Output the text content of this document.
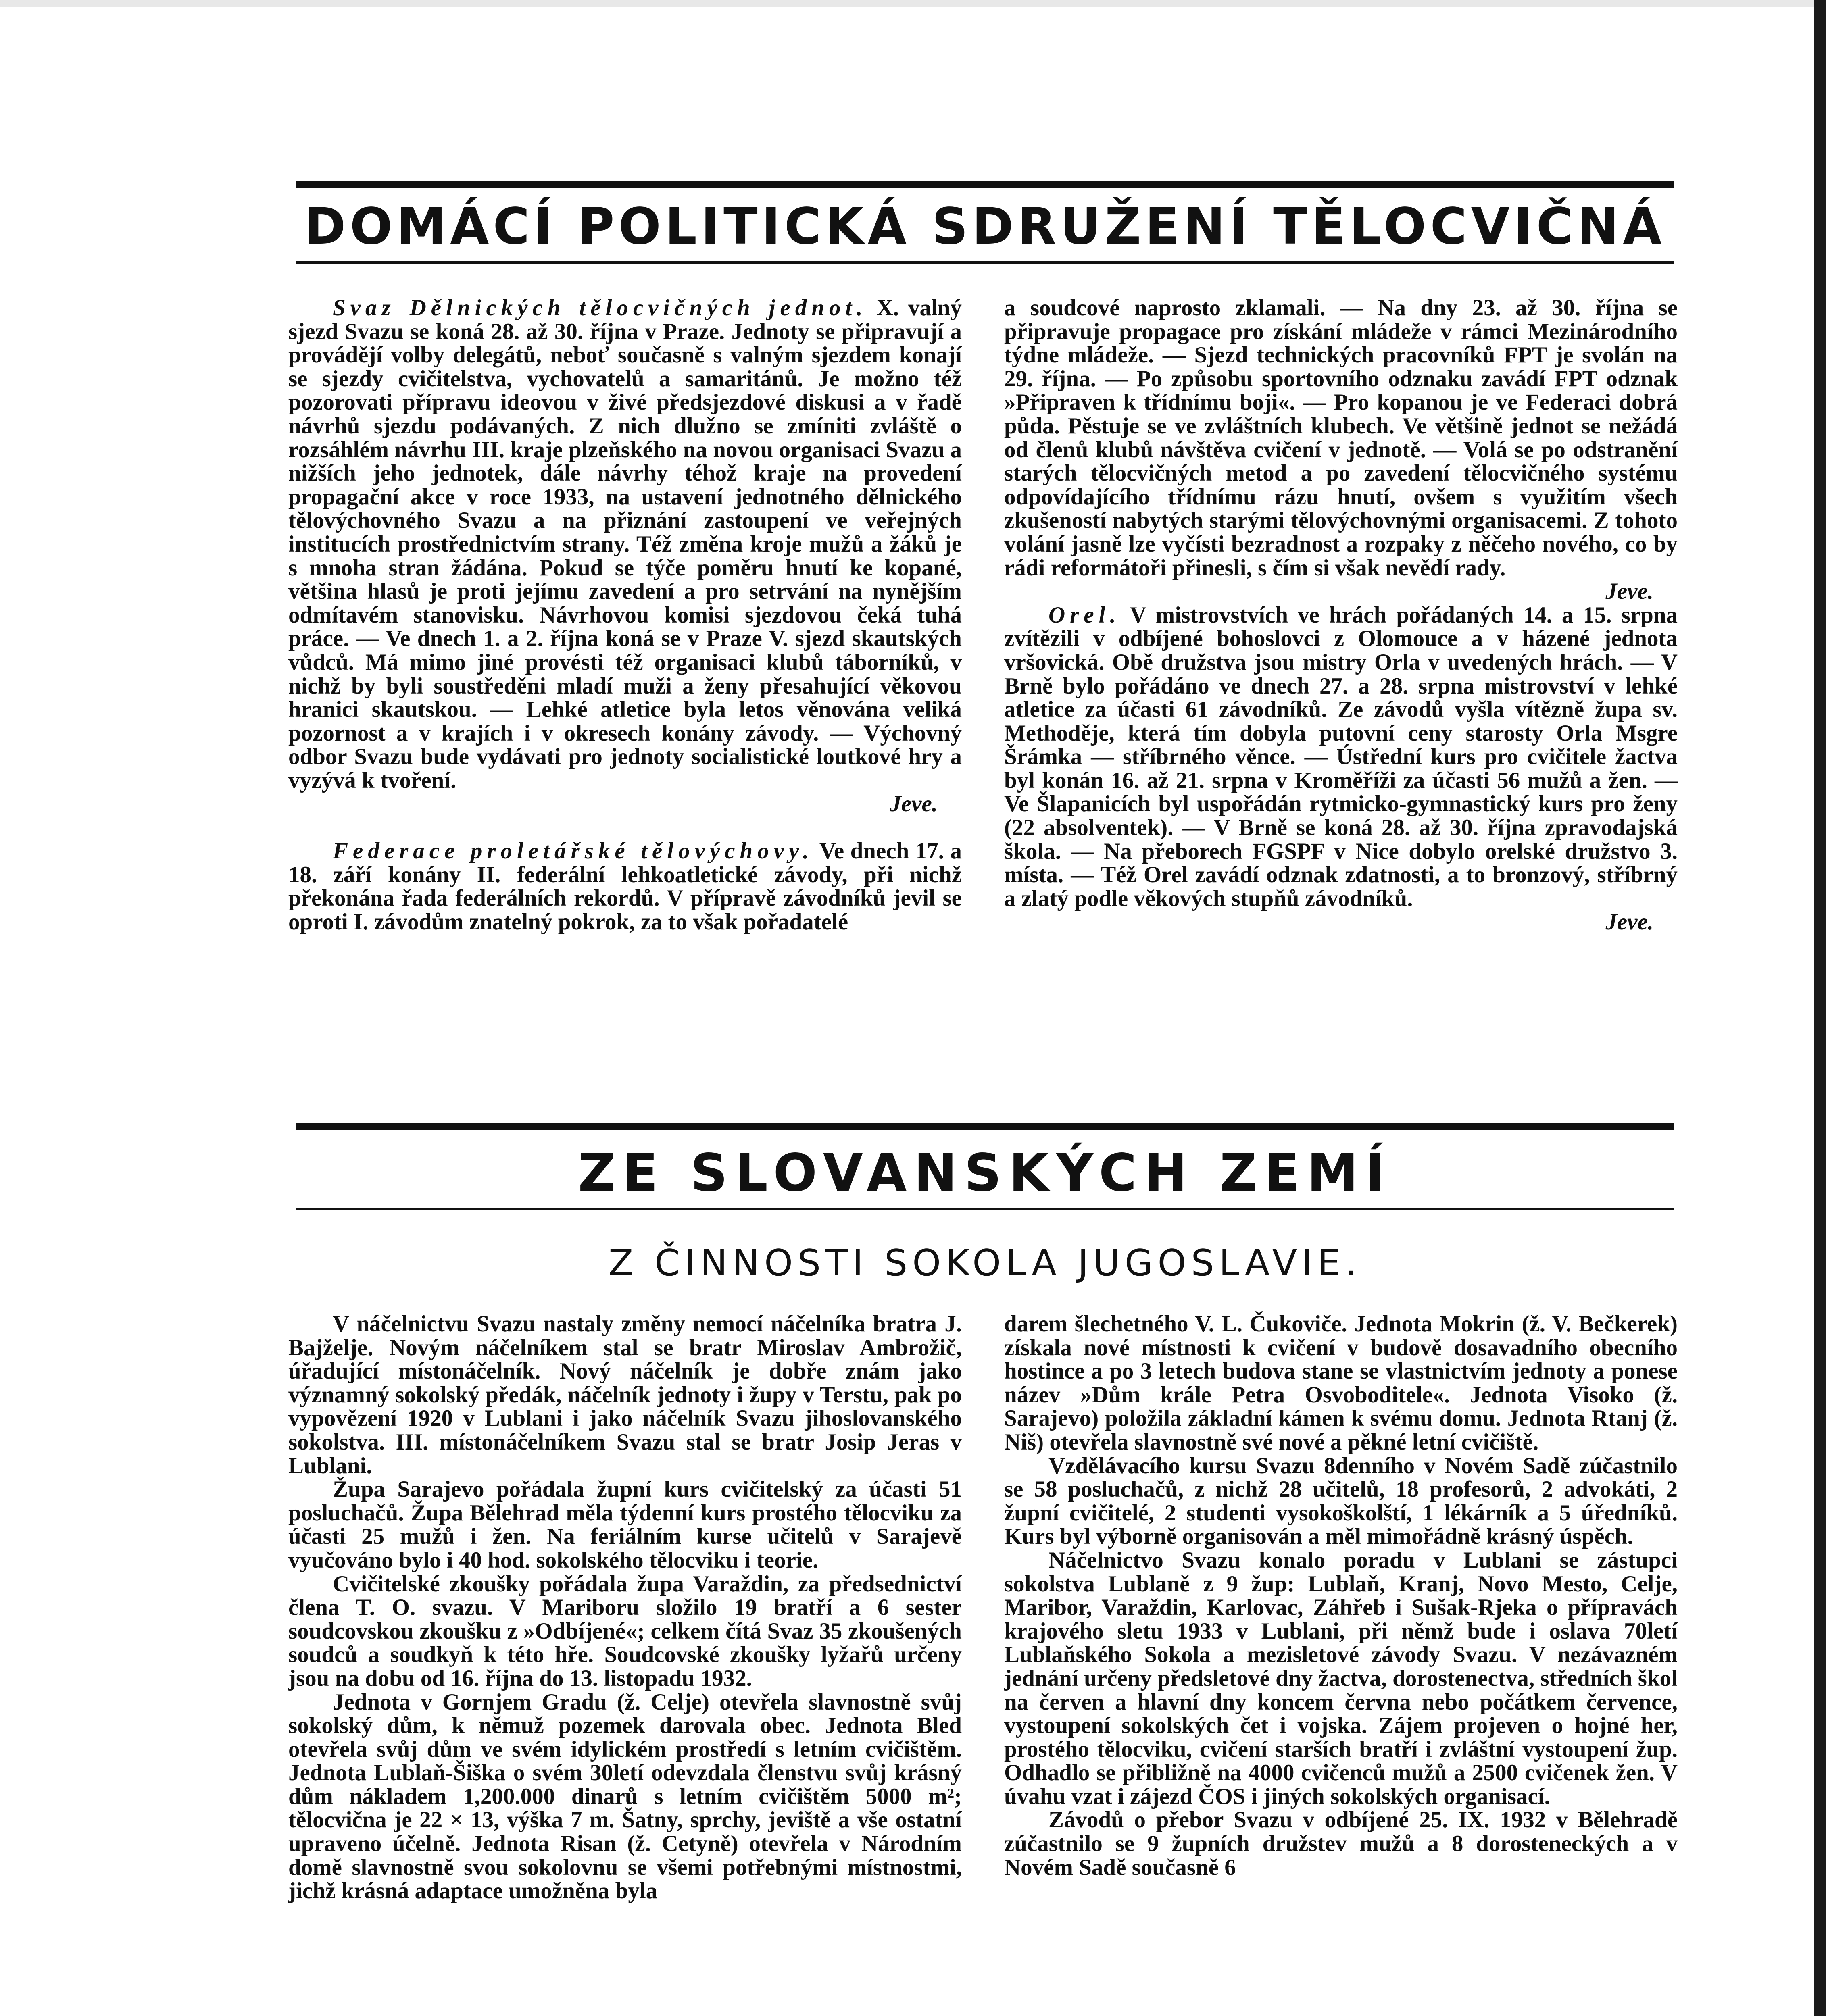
DOMÁCÍ POLITICKÁ SDRUŽENÍ TĚLOCVIČNÁ

Svaz Dělnických tělocvičných jednot. X. valný sjezd Svazu se koná 28. až 30. října v Praze. Jednoty se připravují a provádějí volby delegátů, neboť současně s valným sjezdem konají se sjezdy cvičitelstva, vychovatelů a samaritánů. Je možno též pozorovati přípravu ideovou v živé předsjezdové diskusi a v řadě návrhů sjezdu podávaných. Z nich dlužno se zmíniti zvláště o rozsáhlém návrhu III. kraje plzeňského na novou organisaci Svazu a nižších jeho jednotek, dále návrhy téhož kraje na provedení propagační akce v roce 1933, na ustavení jednotného dělnického tělovýchovného Svazu a na přiznání zastoupení ve veřejných institucích prostřednictvím strany. Též změna kroje mužů a žáků je s mnoha stran žádána. Pokud se týče poměru hnutí ke kopané, většina hlasů je proti jejímu zavedení a pro setrvání na nynějším odmítavém stanovisku. Návrhovou komisi sjezdovou čeká tuhá práce. — Ve dnech 1. a 2. října koná se v Praze V. sjezd skautských vůdců. Má mimo jiné provésti též organisaci klubů táborníků, v nichž by byli soustředěni mladí muži a ženy přesahující věkovou hranici skautskou. — Lehké atletice byla letos věnována veliká pozornost a v krajích i v okresech konány závody. — Výchovný odbor Svazu bude vydávati pro jednoty socialistické loutkové hry a vyzývá k tvoření.
Jeve.

Federace proletářské tělovýchovy. Ve dnech 17. a 18. září konány II. federální lehkoatletické závody, při nichž překonána řada federálních rekordů. V přípravě závodníků jevil se oproti I. závodům znatelný pokrok, za to však pořadatelé

a soudcové naprosto zklamali. — Na dny 23. až 30. října se připravuje propagace pro získání mládeže v rámci Mezinárodního týdne mládeže. — Sjezd technických pracovníků FPT je svolán na 29. října. — Po způsobu sportovního odznaku zavádí FPT odznak »Připraven k třídnímu boji«. — Pro kopanou je ve Federaci dobrá půda. Pěstuje se ve zvláštních klubech. Ve většině jednot se nežádá od členů klubů návštěva cvičení v jednotě. — Volá se po odstranění starých tělocvičných metod a po zavedení tělocvičného systému odpovídajícího třídnímu rázu hnutí, ovšem s využitím všech zkušeností nabytých starými tělovýchovnými organisacemi. Z tohoto volání jasně lze vyčísti bezradnost a rozpaky z něčeho nového, co by rádi reformátoři přinesli, s čím si však nevědí rady.
Jeve.

Orel. V mistrovstvích ve hrách pořádaných 14. a 15. srpna zvítězili v odbíjené bohoslovci z Olomouce a v házené jednota vršovická. Obě družstva jsou mistry Orla v uvedených hrách. — V Brně bylo pořádáno ve dnech 27. a 28. srpna mistrovství v lehké atletice za účasti 61 závodníků. Ze závodů vyšla vítězně župa sv. Methoděje, která tím dobyla putovní ceny starosty Orla Msgre Šrámka — stříbrného věnce. — Ústřední kurs pro cvičitele žactva byl konán 16. až 21. srpna v Kroměříži za účasti 56 mužů a žen. — Ve Šlapanicích byl uspořádán rytmicko-gymnastický kurs pro ženy (22 absolventek). — V Brně se koná 28. až 30. října zpravodajská škola. — Na přeborech FGSPF v Nice dobylo orelské družstvo 3. místa. — Též Orel zavádí odznak zdatnosti, a to bronzový, stříbrný a zlatý podle věkových stupňů závodníků.
Jeve.

ZE SLOVANSKÝCH ZEMÍ
Z ČINNOSTI SOKOLA JUGOSLAVIE.

V náčelnictvu Svazu nastaly změny nemocí náčelníka bratra J. Bajželje. Novým náčelníkem stal se bratr Miroslav Ambrožič, úřadující místonáčelník. Nový náčelník je dobře znám jako významný sokolský předák, náčelník jednoty i župy v Terstu, pak po vypovězení 1920 v Lublani i jako náčelník Svazu jihoslovanského sokolstva. III. místonáčelníkem Svazu stal se bratr Josip Jeras v Lublani.

Župa Sarajevo pořádala župní kurs cvičitelský za účasti 51 posluchačů. Župa Bělehrad měla týdenní kurs prostého tělocviku za účasti 25 mužů i žen. Na feriálním kurse učitelů v Sarajevě vyučováno bylo i 40 hod. sokolského tělocviku i teorie.

Cvičitelské zkoušky pořádala župa Varaždin, za předsednictví člena T. O. svazu. V Mariboru složilo 19 bratří a 6 sester soudcovskou zkoušku z »Odbíjené«; celkem čítá Svaz 35 zkoušených soudců a soudkyň k této hře. Soudcovské zkoušky lyžařů určeny jsou na dobu od 16. října do 13. listopadu 1932.

Jednota v Gornjem Gradu (ž. Celje) otevřela slavnostně svůj sokolský dům, k němuž pozemek darovala obec. Jednota Bled otevřela svůj dům ve svém idylickém prostředí s letním cvičištěm. Jednota Lublaň-Šiška o svém 30letí odevzdala členstvu svůj krásný dům nákladem 1,200.000 dinarů s letním cvičištěm 5000 m²; tělocvična je 22 × 13, výška 7 m. Šatny, sprchy, jeviště a vše ostatní upraveno účelně. Jednota Risan (ž. Cetyně) otevřela v Národním domě slavnostně svou sokolovnu se všemi potřebnými místnostmi, jichž krásná adaptace umožněna byla

darem šlechetného V. L. Čukoviče. Jednota Mokrin (ž. V. Bečkerek) získala nové místnosti k cvičení v budově dosavadního obecního hostince a po 3 letech budova stane se vlastnictvím jednoty a ponese název »Dům krále Petra Osvoboditele«. Jednota Visoko (ž. Sarajevo) položila základní kámen k svému domu. Jednota Rtanj (ž. Niš) otevřela slavnostně své nové a pěkné letní cvičiště.

Vzdělávacího kursu Svazu 8denního v Novém Sadě zúčastnilo se 58 posluchačů, z nichž 28 učitelů, 18 profesorů, 2 advokáti, 2 župní cvičitelé, 2 studenti vysokoškolští, 1 lékárník a 5 úředníků. Kurs byl výborně organisován a měl mimořádně krásný úspěch.

Náčelnictvo Svazu konalo poradu v Lublani se zástupci sokolstva Lublaně z 9 žup: Lublaň, Kranj, Novo Mesto, Celje, Maribor, Varaždin, Karlovac, Záhřeb i Sušak-Rjeka o přípravách krajového sletu 1933 v Lublani, při němž bude i oslava 70letí Lublaňského Sokola a mezisletové závody Svazu. V nezávazném jednání určeny předsletové dny žactva, dorostenectva, středních škol na červen a hlavní dny koncem června nebo počátkem července, vystoupení sokolských čet i vojska. Zájem projeven o hojné her, prostého tělocviku, cvičení starších bratří i zvláštní vystoupení žup. Odhadlo se přibližně na 4000 cvičenců mužů a 2500 cvičenek žen. V úvahu vzat i zájezd ČOS i jiných sokolských organisací.

Závodů o přebor Svazu v odbíjené 25. IX. 1932 v Bělehradě zúčastnilo se 9 župních družstev mužů a 8 dorosteneckých a v Novém Sadě současně 6
